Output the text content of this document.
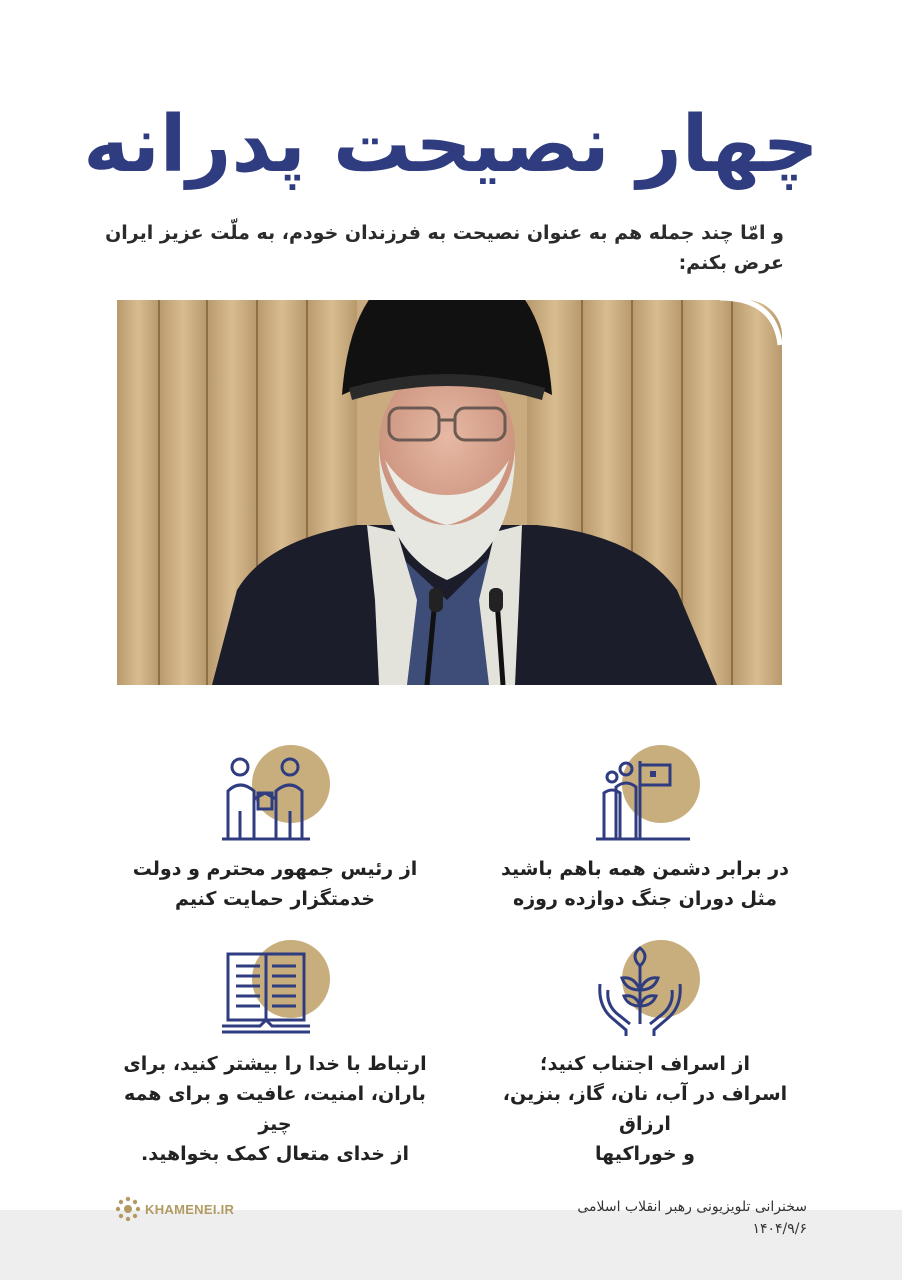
چهار نصیحت پدرانه
و امّا چند جمله هم به عنوان نصیحت به فرزندان خودم، به ملّت عزیز ایران عرض بکنم:
در برابر دشمن همه باهم باشید
مثل دوران جنگ دوازده روزه
از رئیس جمهور محترم و دولت
خدمتگزار حمایت کنیم
از اسراف اجتناب کنید؛
اسراف در آب، نان، گاز، بنزین، ارزاق
و خوراکیها
ارتباط با خدا را بیشتر کنید، برای
باران، امنیت، عافیت و برای همه چیز
از خدای متعال کمک بخواهید.
سخنرانی تلویزیونی رهبر انقلاب اسلامی
۱۴۰۴/۹/۶
KHAMENEI.IR
